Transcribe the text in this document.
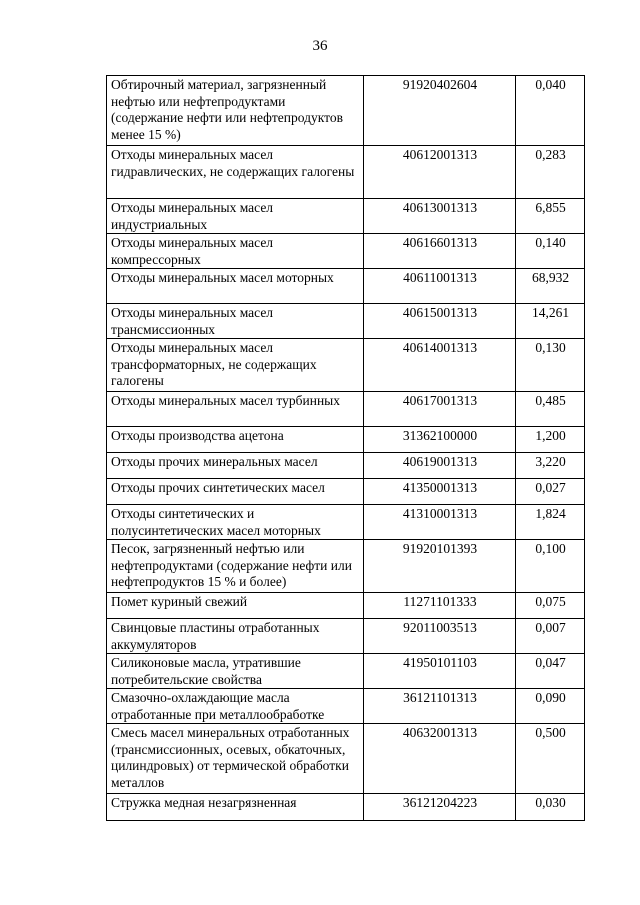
36
Обтирочный материал, загрязненный нефтью или нефтепродуктами (содержание нефти или нефтепродуктов менее 15 %)	91920402604	0,040
Отходы минеральных масел гидравлических, не содержащих галогены	40612001313	0,283
Отходы минеральных масел индустриальных	40613001313	6,855
Отходы минеральных масел компрессорных	40616601313	0,140
Отходы минеральных масел моторных	40611001313	68,932
Отходы минеральных масел трансмиссионных	40615001313	14,261
Отходы минеральных масел трансформаторных, не содержащих галогены	40614001313	0,130
Отходы минеральных масел турбинных	40617001313	0,485
Отходы производства ацетона	31362100000	1,200
Отходы прочих минеральных масел	40619001313	3,220
Отходы прочих синтетических масел	41350001313	0,027
Отходы синтетических и полусинтетических масел моторных	41310001313	1,824
Песок, загрязненный нефтью или нефтепродуктами (содержание нефти или нефтепродуктов 15 % и более)	91920101393	0,100
Помет куриный свежий	11271101333	0,075
Свинцовые пластины отработанных аккумуляторов	92011003513	0,007
Силиконовые масла, утратившие потребительские свойства	41950101103	0,047
Смазочно-охлаждающие масла отработанные при металлообработке	36121101313	0,090
Смесь масел минеральных отработанных (трансмиссионных, осевых, обкаточных, цилиндровых) от термической обработки металлов	40632001313	0,500
Стружка медная незагрязненная	36121204223	0,030
